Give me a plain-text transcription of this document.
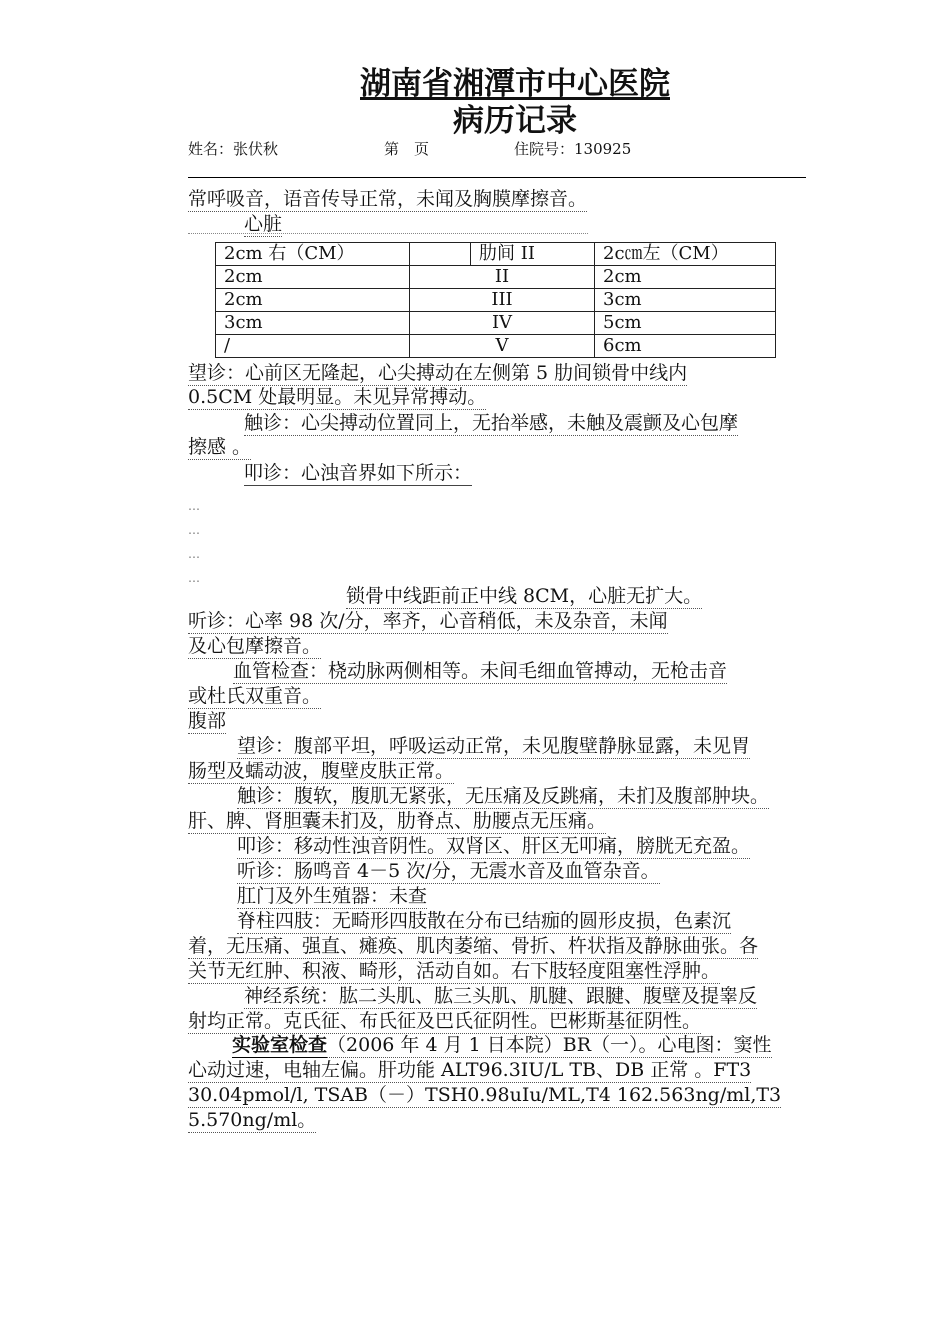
湖南省湘潭市中心医院
病历记录
姓名：张伏秋	第　页	住院号：130925
常呼吸音，语音传导正常，未闻及胸膜摩擦音。
心脏
2cm 右（CM）		肋间 II	2c㎝左（CM）
2cm	II		2cm
2cm	III		3cm
3cm	IV		5cm
/	V		6cm
望诊：心前区无隆起，心尖搏动在左侧第 5 肋间锁骨中线内
0.5CM 处最明显。未见异常搏动。
触诊：心尖搏动位置同上，无抬举感，未触及震颤及心包摩
擦感 。
叩诊：心浊音界如下所示：
…
…
…
…
锁骨中线距前正中线 8CM，心脏无扩大。
听诊：心率 98 次/分，率齐，心音稍低，未及杂音，未闻
及心包摩擦音。
血管检查：桡动脉两侧相等。未间毛细血管搏动，无枪击音
或杜氏双重音。
腹部
望诊：腹部平坦，呼吸运动正常，未见腹壁静脉显露，未见胃
肠型及蠕动波，腹壁皮肤正常。
触诊：腹软，腹肌无紧张，无压痛及反跳痛，未扪及腹部肿块。
肝、脾、肾胆囊未扪及，肋脊点、肋腰点无压痛。
叩诊：移动性浊音阴性。双肾区、肝区无叩痛，膀胱无充盈。
听诊：肠鸣音 4－5 次/分，无震水音及血管杂音。
肛门及外生殖器：未查
脊柱四肢：无畸形四肢散在分布已结痂的圆形皮损，色素沉
着，无压痛、强直、瘫痪、肌肉萎缩、骨折、杵状指及静脉曲张。各
关节无红肿、积液、畸形，活动自如。右下肢轻度阻塞性浮肿。
神经系统：肱二头肌、肱三头肌、肌腱、跟腱、腹壁及提睾反
射均正常。克氏征、布氏征及巴氏征阴性。巴彬斯基征阴性。
实验室检查（2006 年 4 月 1 日本院）BR（一）。心电图：窦性
心动过速，电轴左偏。肝功能 ALT96.3IU/L TB、DB 正常 。FT3
30.04pmol/l, TSAB（－）TSH0.98uIu/ML,T4 162.563ng/ml,T3
5.570ng/ml。
